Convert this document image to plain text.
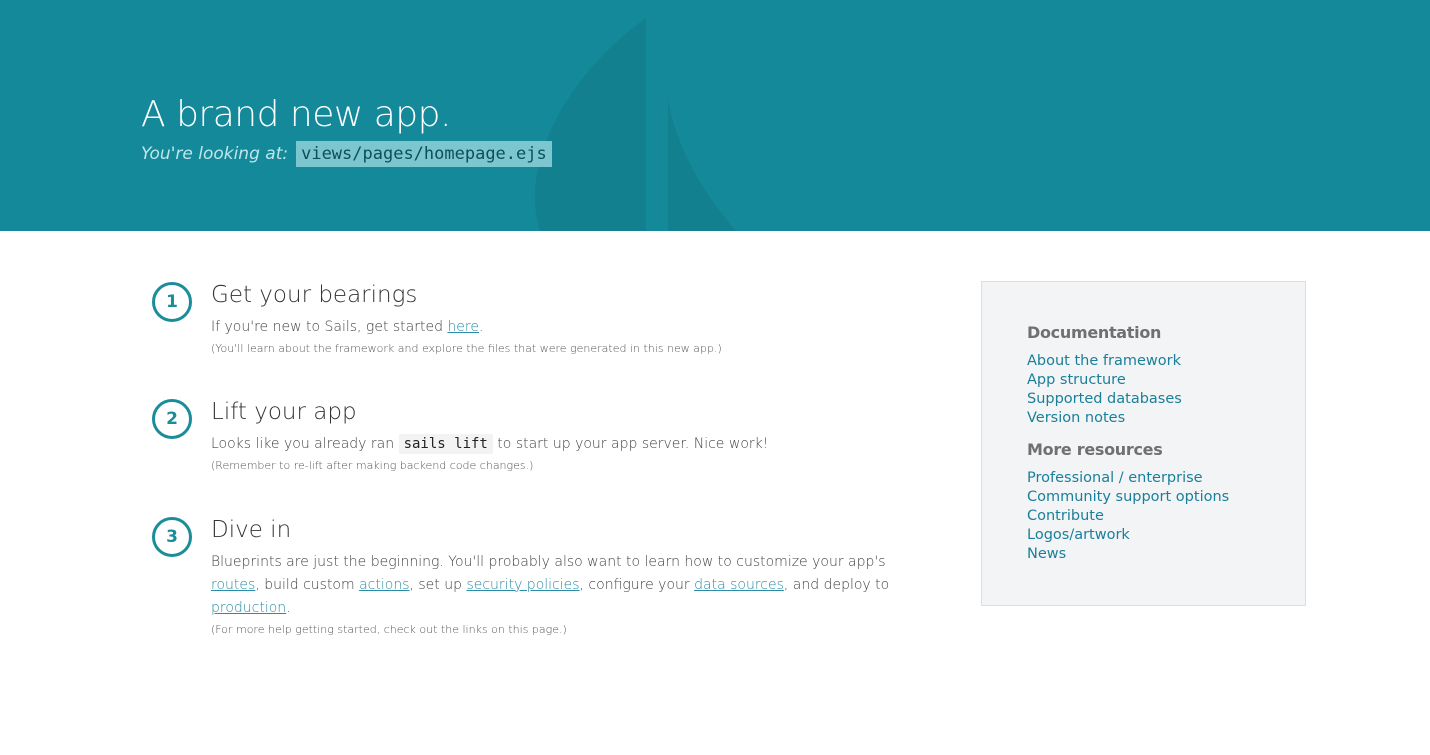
A brand new app.
You're looking at: views/pages/homepage.ejs
1	Get your bearings
If you're new to Sails, get started here.
(You'll learn about the framework and explore the files that were generated in this new app.)
2	Lift your app
Looks like you already ran sails lift to start up your app server. Nice work!
(Remember to re-lift after making backend code changes.)
3	Dive in
Blueprints are just the beginning. You'll probably also want to learn how to customize your app's routes, build custom actions, set up security policies, configure your data sources, and deploy to production.
(For more help getting started, check out the links on this page.)
Documentation
About the framework
App structure
Supported databases
Version notes
More resources
Professional / enterprise
Community support options
Contribute
Logos/artwork
News
